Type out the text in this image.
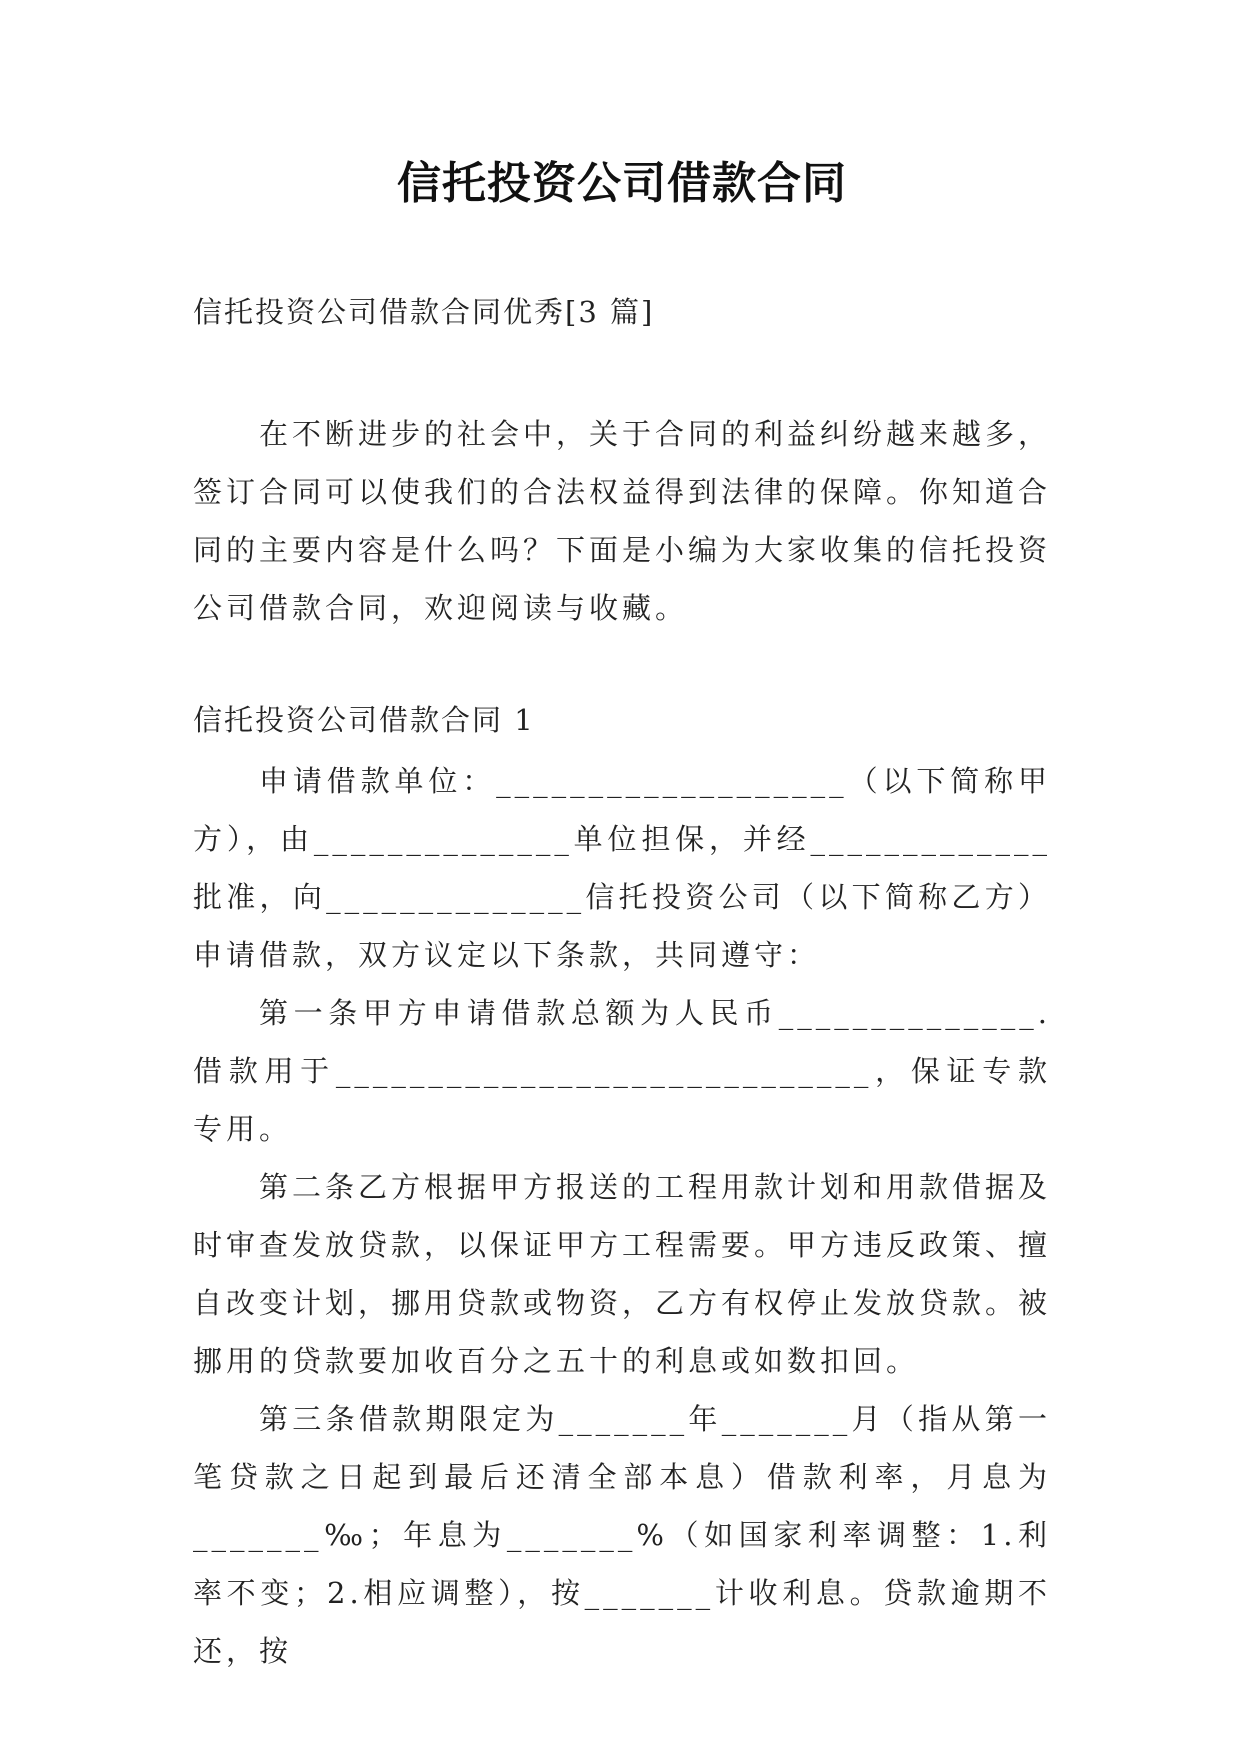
信托投资公司借款合同

信托投资公司借款合同优秀[3 篇]

在不断进步的社会中，关于合同的利益纠纷越来越多，签订合同可以使我们的合法权益得到法律的保障。你知道合同的主要内容是什么吗？下面是小编为大家收集的信托投资公司借款合同，欢迎阅读与收藏。

信托投资公司借款合同 1

申请借款单位：___________________（以下简称甲方），由______________单位担保，并经_____________批准，向______________信托投资公司（以下简称乙方）申请借款，双方议定以下条款，共同遵守：

第一条甲方申请借款总额为人民币______________.借款用于_____________________________，保证专款专用。

第二条乙方根据甲方报送的工程用款计划和用款借据及时审查发放贷款，以保证甲方工程需要。甲方违反政策、擅自改变计划，挪用贷款或物资，乙方有权停止发放贷款。被挪用的贷款要加收百分之五十的利息或如数扣回。

第三条借款期限定为_______年_______月（指从第一笔贷款之日起到最后还清全部本息）借款利率，月息为_______‰；年息为_______%（如国家利率调整：1.利率不变；2.相应调整），按_______计收利息。贷款逾期不还，按
